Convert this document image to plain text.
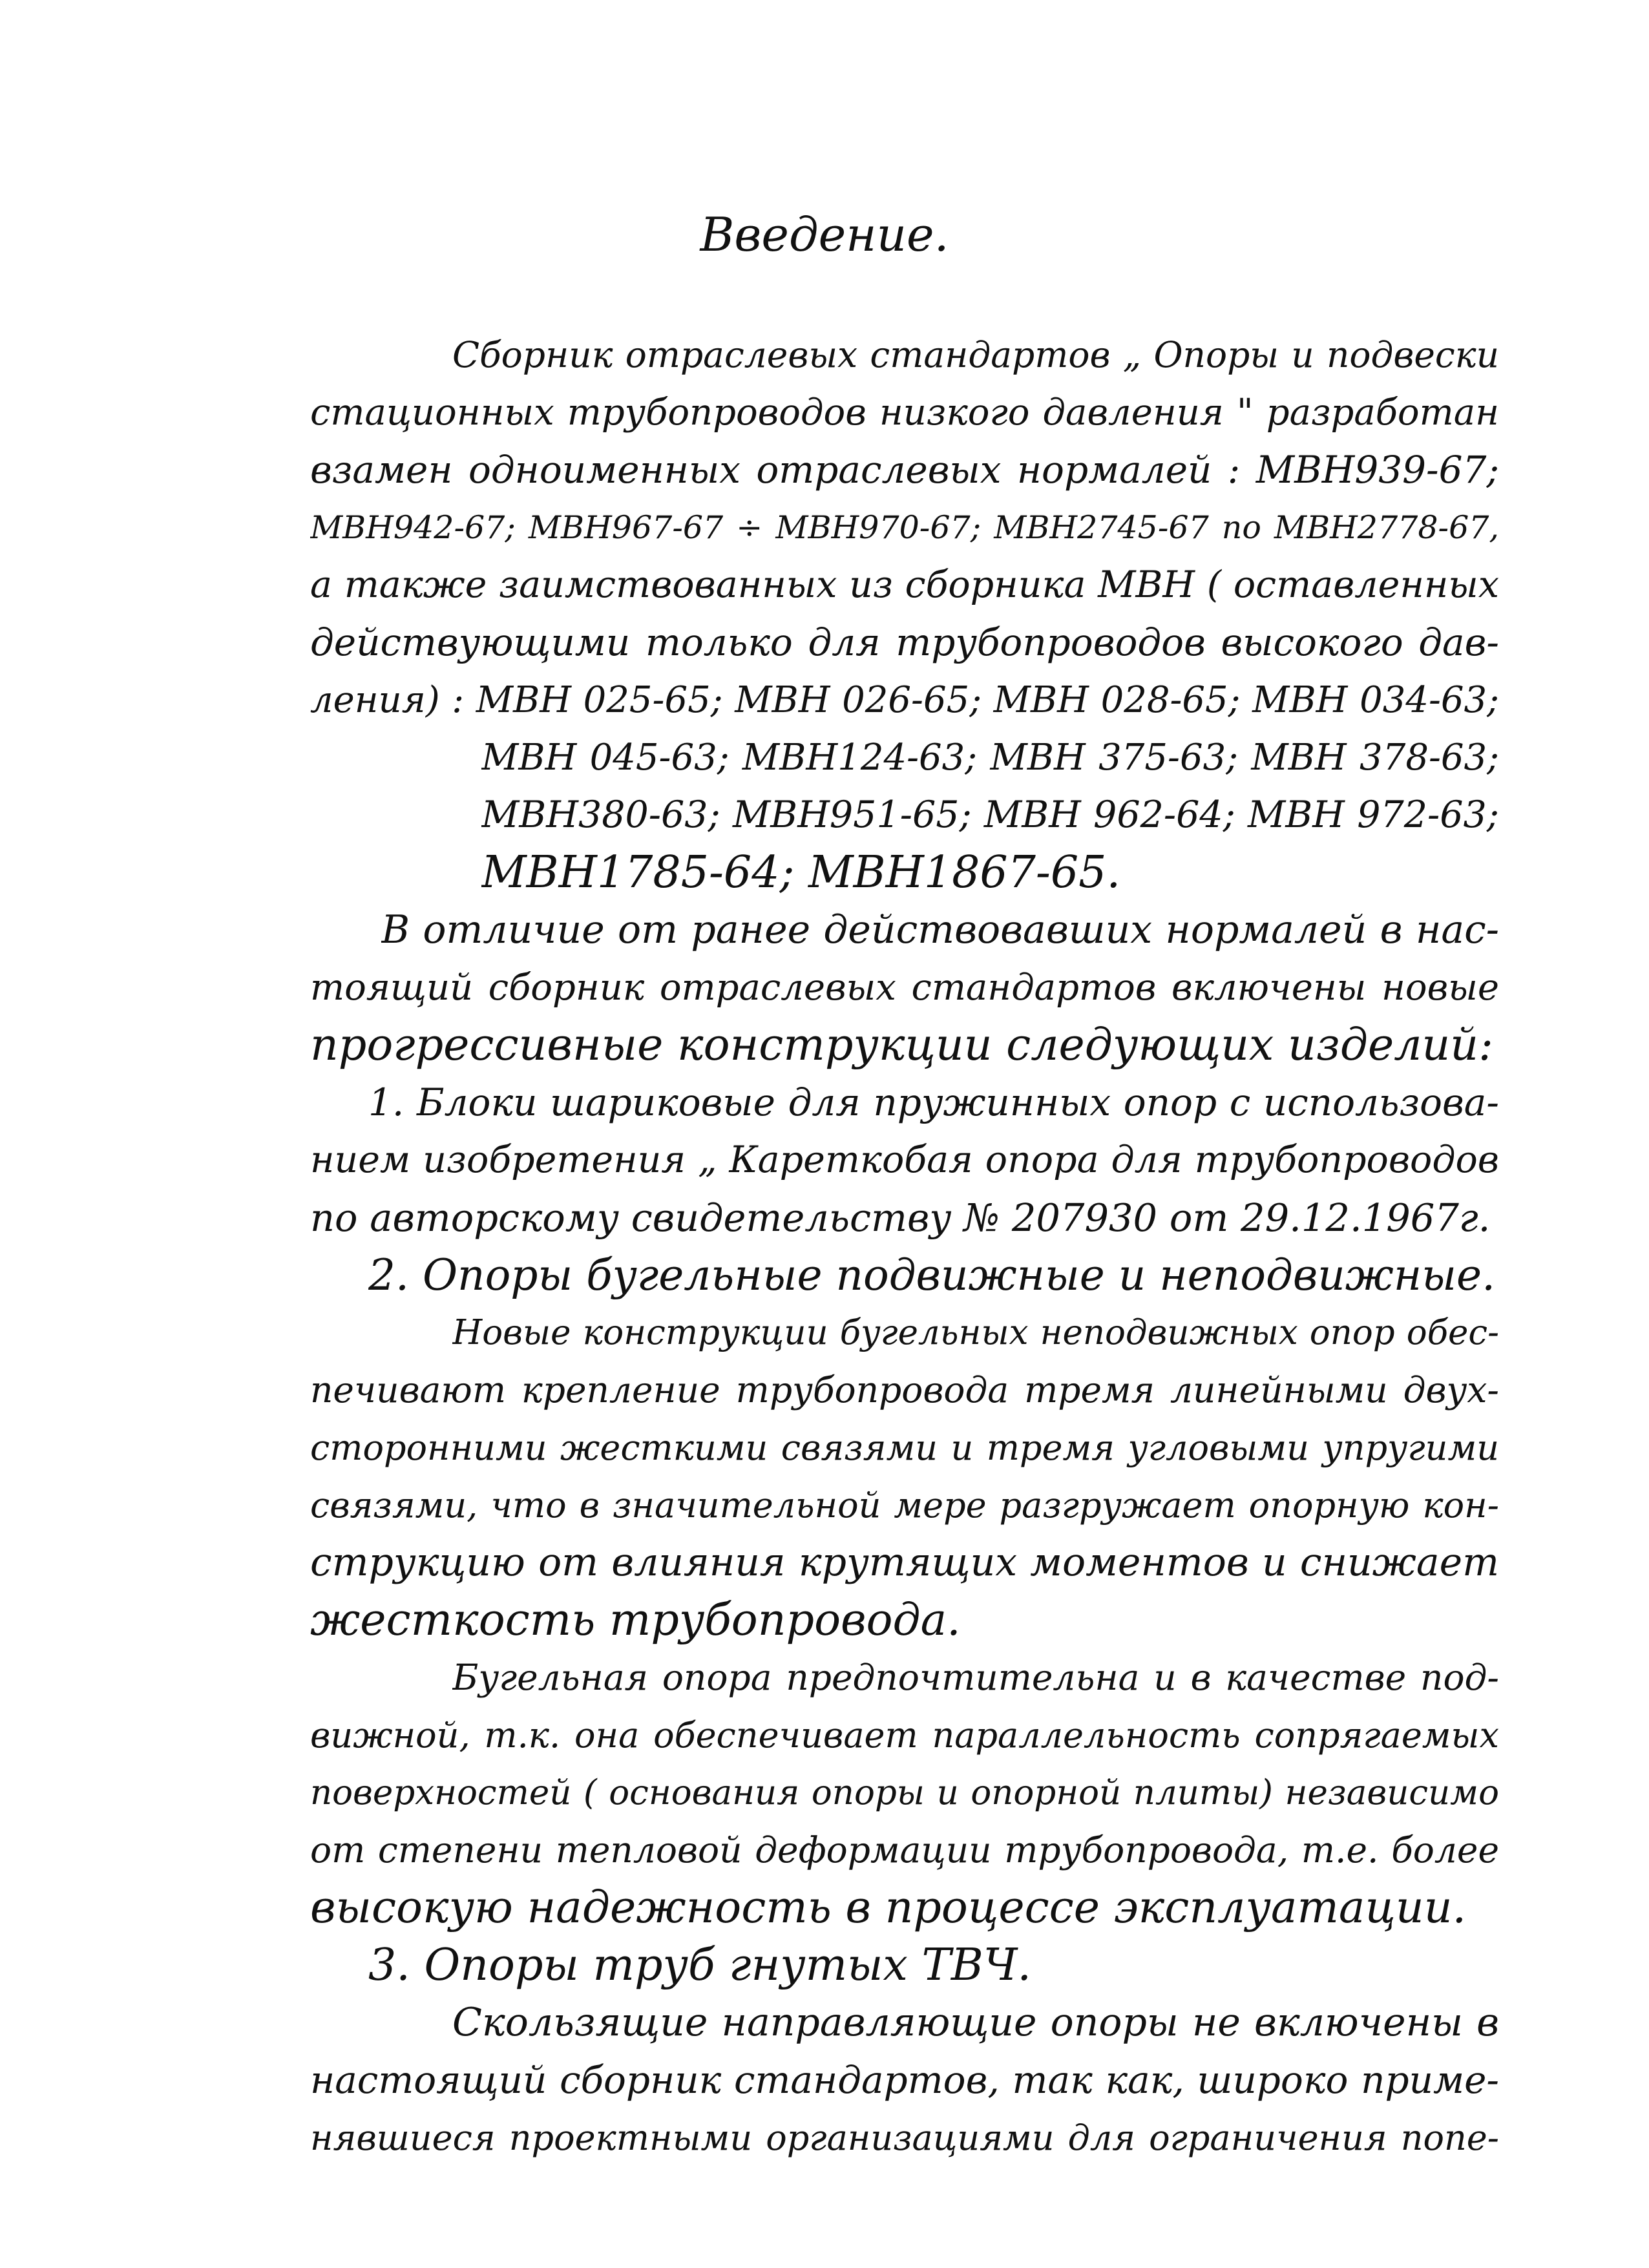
Введение.
Сборник отраслевых стандартов „ Опоры и подвески
стационных трубопроводов низкого давления " разработан
взамен одноименных отраслевых нормалей : МВН939-67;
МВН942-67; МВН967-67 ÷ МВН970-67; МВН2745-67 по МВН2778-67,
а также заимствованных из сборника МВН ( оставленных
действующими только для трубопроводов высокого дав-
ления) : МВН 025-65; МВН 026-65; МВН 028-65; МВН 034-63;
МВН 045-63; МВН124-63; МВН 375-63; МВН 378-63;
МВН380-63; МВН951-65; МВН 962-64; МВН 972-63;
МВН1785-64; МВН1867-65.
В отличие от ранее действовавших нормалей в нас-
тоящий сборник отраслевых стандартов включены новые
прогрессивные конструкции следующих изделий:
1. Блоки шариковые для пружинных опор с использова-
нием изобретения „ Кареткобая опора для трубопроводов
по авторскому свидетельству № 207930 от 29.12.1967г.
2. Опоры бугельные подвижные и неподвижные.
Новые конструкции бугельных неподвижных опор обес-
печивают крепление трубопровода тремя линейными двух-
сторонними жесткими связями и тремя угловыми упругими
связями, что в значительной мере разгружает опорную кон-
струкцию от влияния крутящих моментов и снижает
жесткость трубопровода.
Бугельная опора предпочтительна и в качестве под-
вижной, т.к. она обеспечивает параллельность сопрягаемых
поверхностей ( основания опоры и опорной плиты) независимо
от степени тепловой деформации трубопровода, т.е. более
высокую надежность в процессе эксплуатации.
3. Опоры труб гнутых ТВЧ.
Скользящие направляющие опоры не включены в
настоящий сборник стандартов, так как, широко приме-
нявшиеся проектными организациями для ограничения попе-
